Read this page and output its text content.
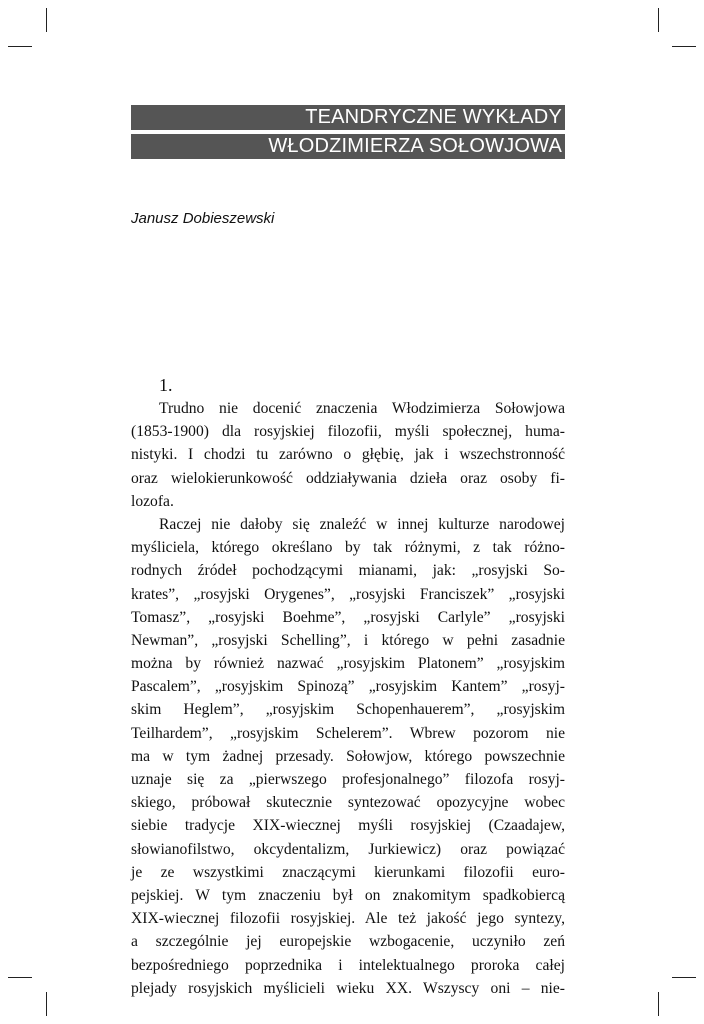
TEANDRYCZNE WYKŁADY
WŁODZIMIERZA SOŁOWJOWA
Janusz Dobieszewski
1.
Trudno nie docenić znaczenia Włodzimierza Sołowjowa
(1853-1900) dla rosyjskiej filozofii, myśli społecznej, huma-
nistyki. I chodzi tu zarówno o głębię, jak i wszechstronność
oraz wielokierunkowość oddziaływania dzieła oraz osoby fi-
lozofa.
Raczej nie dałoby się znaleźć w innej kulturze narodowej
myśliciela, którego określano by tak różnymi, z tak różno-
rodnych źródeł pochodzącymi mianami, jak: „rosyjski So-
krates”, „rosyjski Orygenes”, „rosyjski Franciszek” „rosyjski
Tomasz”, „rosyjski Boehme”, „rosyjski Carlyle” „rosyjski
Newman”, „rosyjski Schelling”, i którego w pełni zasadnie
można by również nazwać „rosyjskim Platonem” „rosyjskim
Pascalem”, „rosyjskim Spinozą” „rosyjskim Kantem” „rosyj-
skim Heglem”, „rosyjskim Schopenhauerem”, „rosyjskim
Teilhardem”, „rosyjskim Schelerem”. Wbrew pozorom nie
ma w tym żadnej przesady. Sołowjow, którego powszechnie
uznaje się za „pierwszego profesjonalnego” filozofa rosyj-
skiego, próbował skutecznie syntezować opozycyjne wobec
siebie tradycje XIX-wiecznej myśli rosyjskiej (Czaadajew,
słowianofilstwo, okcydentalizm, Jurkiewicz) oraz powiązać
je ze wszystkimi znaczącymi kierunkami filozofii euro-
pejskiej. W tym znaczeniu był on znakomitym spadkobiercą
XIX-wiecznej filozofii rosyjskiej. Ale też jakość jego syntezy,
a szczególnie jej europejskie wzbogacenie, uczyniło zeń
bezpośredniego poprzednika i intelektualnego proroka całej
plejady rosyjskich myślicieli wieku XX. Wszyscy oni – nie-
